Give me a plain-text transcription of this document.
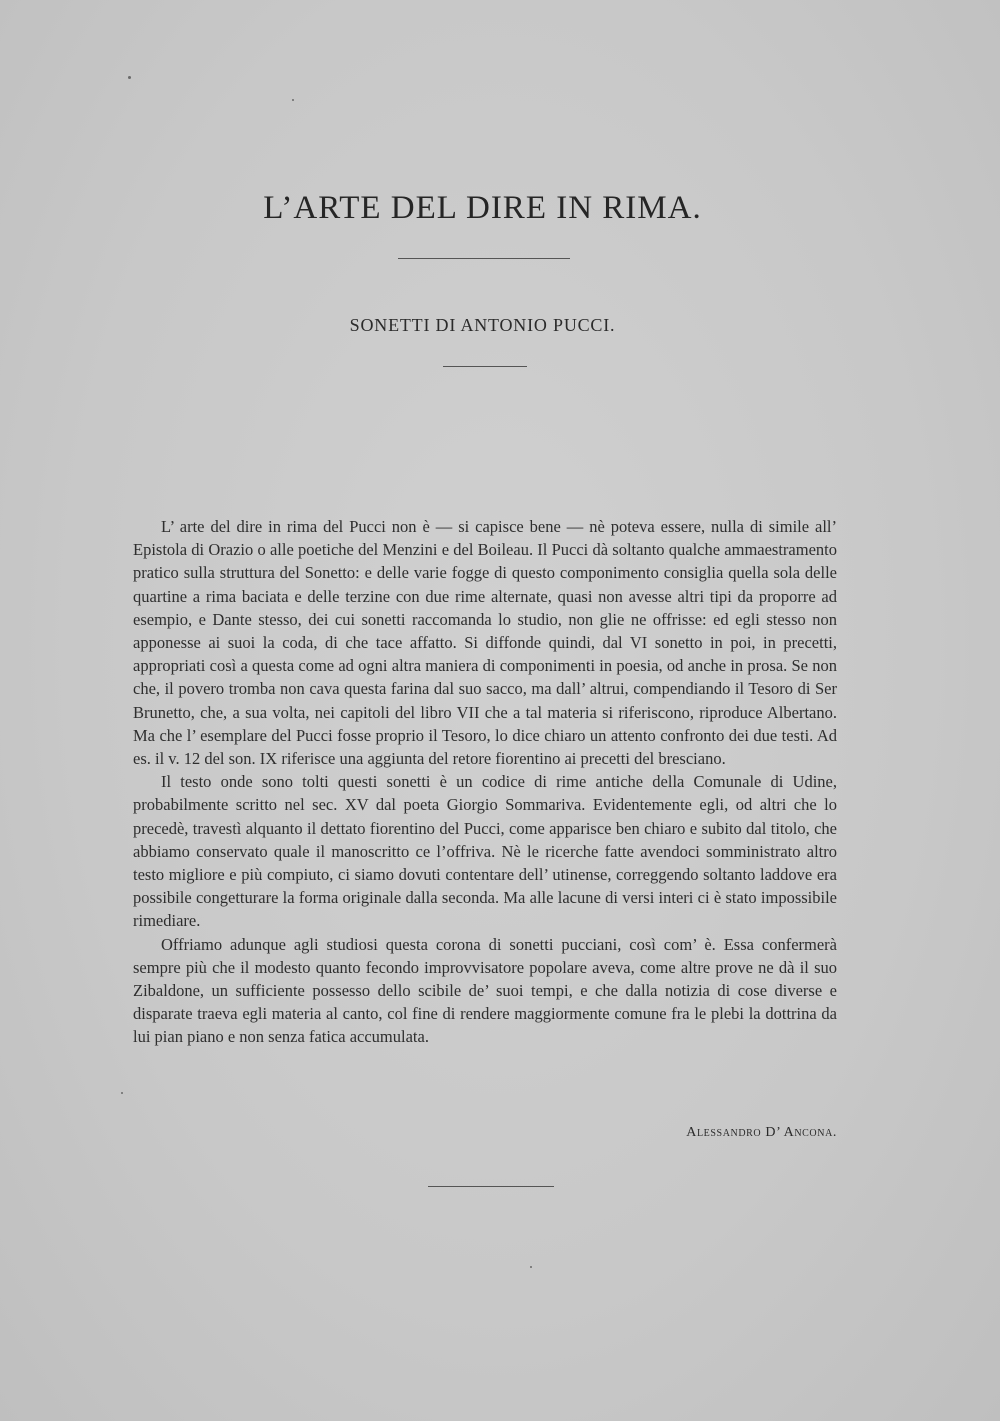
L’ARTE DEL DIRE IN RIMA.
SONETTI DI ANTONIO PUCCI.

L’ arte del dire in rima del Pucci non è — si capisce bene — nè poteva essere, nulla di simile all’ Epistola di Orazio o alle poetiche del Menzini e del Boileau. Il Pucci dà soltanto qualche ammaestramento pratico sulla struttura del Sonetto: e delle varie fogge di questo componimento consiglia quella sola delle quartine a rima baciata e delle terzine con due rime alternate, quasi non avesse altri tipi da proporre ad esempio, e Dante stesso, dei cui sonetti raccomanda lo studio, non glie ne offrisse: ed egli stesso non apponesse ai suoi la coda, di che tace affatto. Si diffonde quindi, dal VI sonetto in poi, in precetti, appropriati così a questa come ad ogni altra maniera di componimenti in poesia, od anche in prosa. Se non che, il povero tromba non cava questa farina dal suo sacco, ma dall’ altrui, compendiando il Tesoro di Ser Brunetto, che, a sua volta, nei capitoli del libro VII che a tal materia si riferiscono, riproduce Albertano. Ma che l’ esemplare del Pucci fosse proprio il Tesoro, lo dice chiaro un attento confronto dei due testi. Ad es. il v. 12 del son. IX riferisce una aggiunta del retore fiorentino ai precetti del bresciano.

Il testo onde sono tolti questi sonetti è un codice di rime antiche della Comunale di Udine, probabilmente scritto nel sec. XV dal poeta Giorgio Sommariva. Evidentemente egli, od altri che lo precedè, travestì alquanto il dettato fiorentino del Pucci, come apparisce ben chiaro e subito dal titolo, che abbiamo conservato quale il manoscritto ce l’offriva. Nè le ricerche fatte avendoci somministrato altro testo migliore e più compiuto, ci siamo dovuti contentare dell’ utinense, correggendo soltanto laddove era possibile congetturare la forma originale dalla seconda. Ma alle lacune di versi interi ci è stato impossibile rimediare.

Offriamo adunque agli studiosi questa corona di sonetti pucciani, così com’ è. Essa confermerà sempre più che il modesto quanto fecondo improvvisatore popolare aveva, come altre prove ne dà il suo Zibaldone, un sufficiente possesso dello scibile de’ suoi tempi, e che dalla notizia di cose diverse e disparate traeva egli materia al canto, col fine di rendere maggiormente comune fra le plebi la dottrina da lui pian piano e non senza fatica accumulata.

Alessandro D’ Ancona.
